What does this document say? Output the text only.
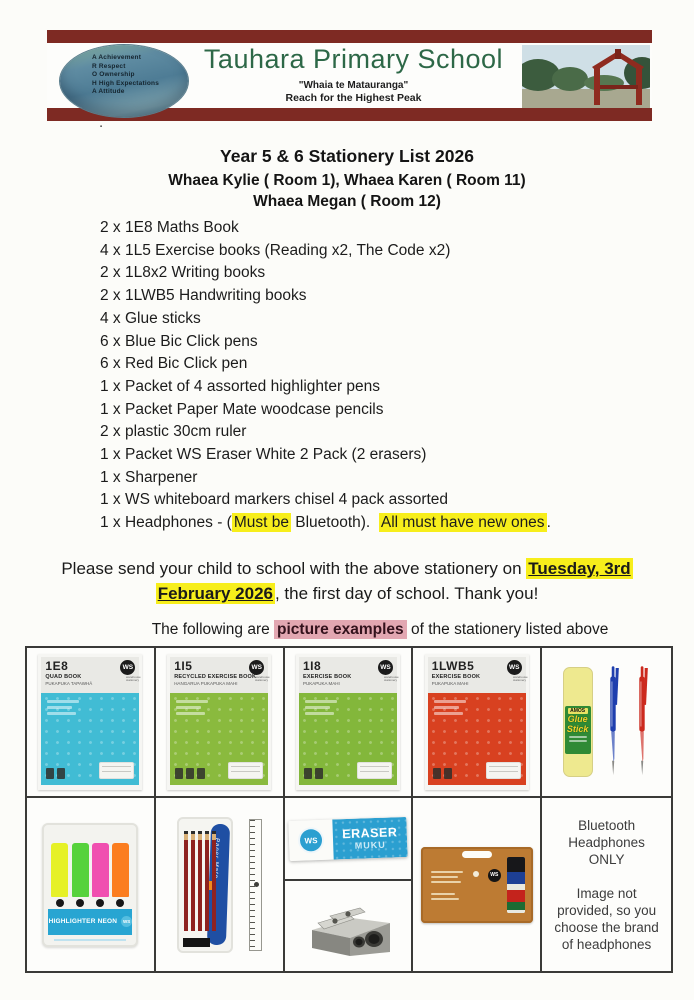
A Achievement
R Respect
O Ownership
H High Expectations
A Attitude
Tauhara Primary School
"Whaia te Matauranga"
Reach for the Highest Peak
.
Year 5 & 6 Stationery List 2026
Whaea Kylie ( Room 1), Whaea Karen ( Room 11)
Whaea Megan ( Room 12)
2 x 1E8 Maths Book
4 x 1L5 Exercise books (Reading x2, The Code x2)
2 x 1L8x2 Writing books
2 x 1LWB5 Handwriting books
4 x Glue sticks
6 x Blue Bic Click pens
6 x Red Bic Click pen
1 x Packet of 4 assorted highlighter pens
1 x Packet Paper Mate woodcase pencils
2 x plastic 30cm ruler
1 x Packet WS Eraser White 2 Pack (2 erasers)
1 x Sharpener
1 x WS whiteboard markers chisel 4 pack assorted
1 x Headphones - ( Must be Bluetooth).  All must have new ones .
Please send your child to school with the above stationery on Tuesday, 3rd
February 2026 , the first day of school. Thank you!
The following are picture examples of the stationery listed above
1E8
QUAD BOOK
PUKAPUKA TAPAWHĀ
WS
warehouse stationery
1I5
RECYCLED EXERCISE BOOK
HANGARUA PUKAPUKA MAHI
WS
warehouse stationery
1I8
EXERCISE BOOK
PUKAPUKA MAHI
WS
warehouse stationery
1LWB5
EXERCISE BOOK
PUKAPUKA MAHI
WS
warehouse stationery
AMOS
Glue
Stick
HIGHLIGHTER NEON	WS
WS	ERASER
MUKU
WS
Bluetooth
Headphones
ONLY
Image not provided, so you choose the brand of headphones
